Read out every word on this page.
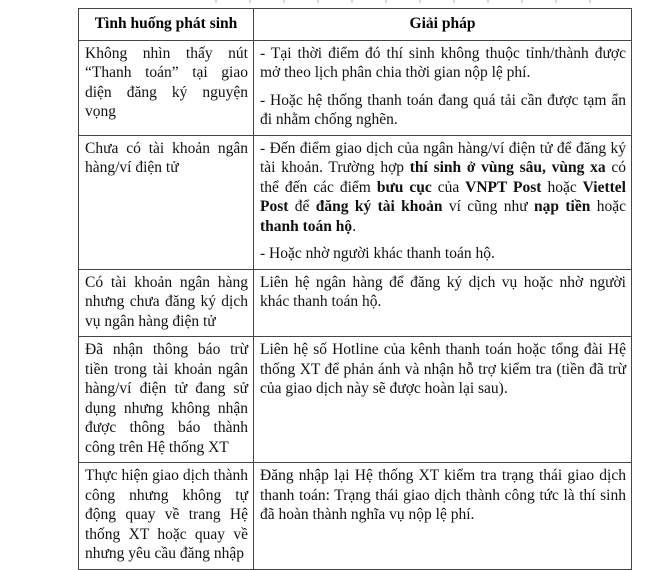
Tình huống phát sinh	Giải pháp

Không nhìn thấy nút “Thanh toán” tại giao diện đăng ký nguyện vọng	- Tại thời điểm đó thí sinh không thuộc tỉnh/thành được mở theo lịch phân chia thời gian nộp lệ phí.

- Hoặc hệ thống thanh toán đang quá tải cần được tạm ẩn đi nhằm chống nghẽn.

Chưa có tài khoản ngân hàng/ví điện tử	- Đến điểm giao dịch của ngân hàng/ví điện tử để đăng ký tài khoản. Trường hợp thí sinh ở vùng sâu, vùng xa có thể đến các điểm bưu cục của VNPT Post hoặc Viettel Post để đăng ký tài khoản ví cũng như nạp tiền hoặc thanh toán hộ.

- Hoặc nhờ người khác thanh toán hộ.

Có tài khoản ngân hàng nhưng chưa đăng ký dịch vụ ngân hàng điện tử	Liên hệ ngân hàng để đăng ký dịch vụ hoặc nhờ người khác thanh toán hộ.

Đã nhận thông báo trừ tiền trong tài khoản ngân hàng/ví điện tử đang sử dụng nhưng không nhận được thông báo thành công trên Hệ thống XT	Liên hệ số Hotline của kênh thanh toán hoặc tổng đài Hệ thống XT để phản ánh và nhận hỗ trợ kiểm tra (tiền đã trừ của giao dịch này sẽ được hoàn lại sau).

Thực hiện giao dịch thành công nhưng không tự động quay về trang Hệ thống XT hoặc quay về nhưng yêu cầu đăng nhập	Đăng nhập lại Hệ thống XT kiểm tra trạng thái giao dịch thanh toán: Trạng thái giao dịch thành công tức là thí sinh đã hoàn thành nghĩa vụ nộp lệ phí.
